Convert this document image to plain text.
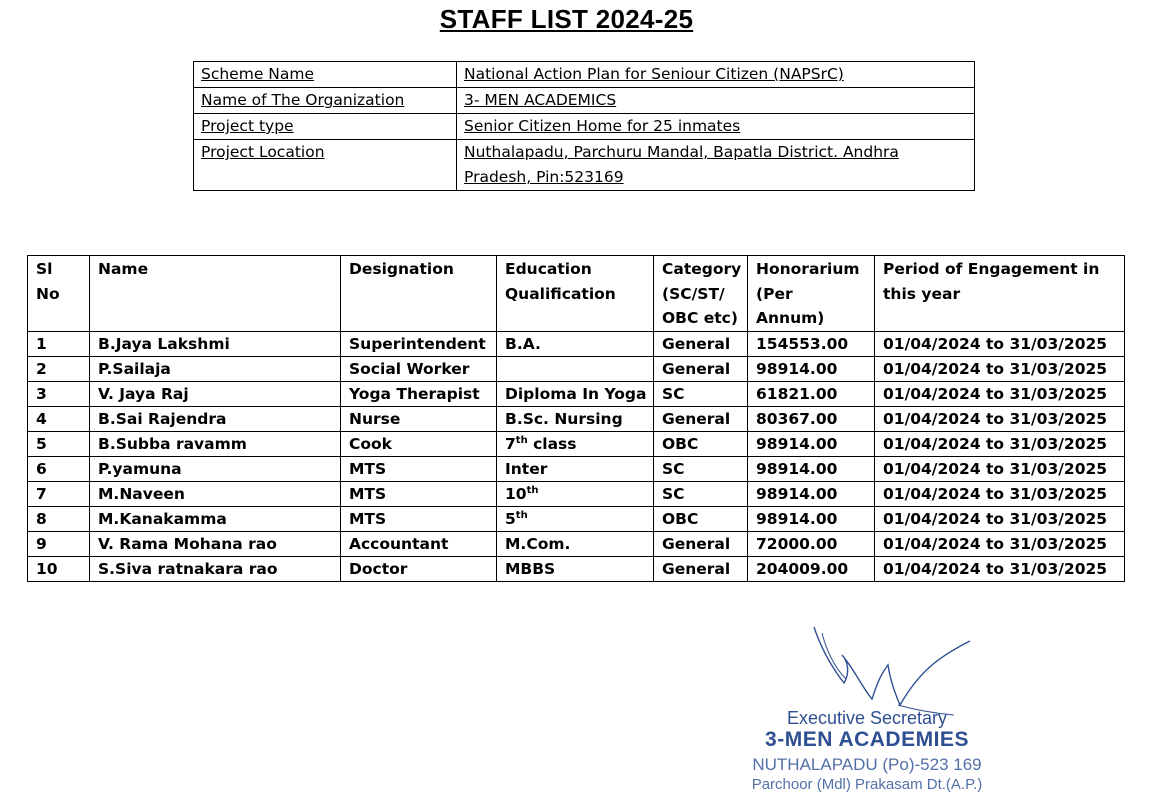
STAFF LIST 2024-25
Scheme Name	National Action Plan for Seniour Citizen (NAPSrC)
Name of The Organization	3- MEN ACADEMICS
Project type	Senior Citizen Home for 25 inmates
Project Location	Nuthalapadu, Parchuru Mandal, Bapatla District. Andhra Pradesh, Pin:523169
Sl No	Name	Designation	Education Qualification	Category (SC/ST/ OBC etc)	Honorarium (Per Annum)	Period of Engagement in this year
1	B.Jaya Lakshmi	Superintendent	B.A.	General	154553.00	01/04/2024 to 31/03/2025
2	P.Sailaja	Social Worker		General	98914.00	01/04/2024 to 31/03/2025
3	V. Jaya Raj	Yoga Therapist	Diploma In Yoga	SC	61821.00	01/04/2024 to 31/03/2025
4	B.Sai Rajendra	Nurse	B.Sc. Nursing	General	80367.00	01/04/2024 to 31/03/2025
5	B.Subba ravamm	Cook	7th class	OBC	98914.00	01/04/2024 to 31/03/2025
6	P.yamuna	MTS	Inter	SC	98914.00	01/04/2024 to 31/03/2025
7	M.Naveen	MTS	10th	SC	98914.00	01/04/2024 to 31/03/2025
8	M.Kanakamma	MTS	5th	OBC	98914.00	01/04/2024 to 31/03/2025
9	V. Rama Mohana rao	Accountant	M.Com.	General	72000.00	01/04/2024 to 31/03/2025
10	S.Siva ratnakara rao	Doctor	MBBS	General	204009.00	01/04/2024 to 31/03/2025
Executive Secretary
3-MEN ACADEMIES
NUTHALAPADU (Po)-523 169
Parchoor (Mdl) Prakasam Dt.(A.P.)
